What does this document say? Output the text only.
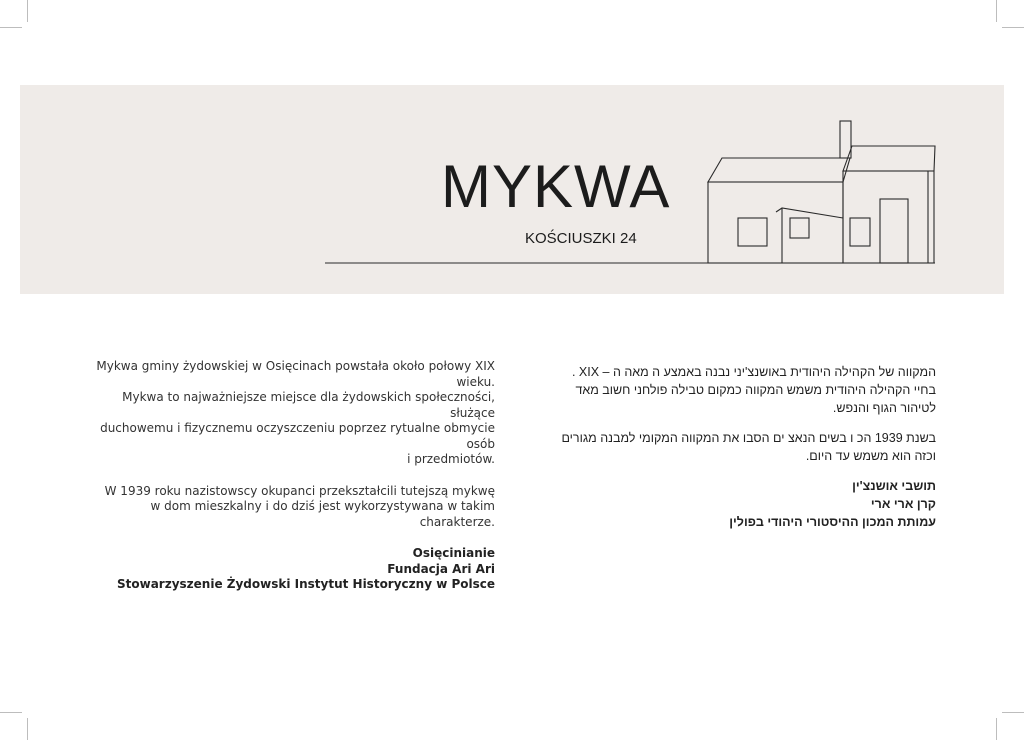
MYKWA
KOŚCIUSZKI 24

Mykwa gminy żydowskiej w Osięcinach powstała około połowy XIX wieku.
Mykwa to najważniejsze miejsce dla żydowskich społeczności, służące
duchowemu i fizycznemu oczyszczeniu poprzez rytualne obmycie osób
i przedmiotów.

W 1939 roku nazistowscy okupanci przekształcili tutejszą mykwę
w dom mieszkalny i do dziś jest wykorzystywana w takim charakterze.

Osięcinianie
Fundacja Ari Ari
Stowarzyszenie Żydowski Instytut Historyczny w Polsce

המקווה של הקהילה היהודית באושנצ'יני נבנה באמצע ה מאה ה – XIX .
בחיי הקהילה היהודית משמש המקווה כמקום טבילה פולחני חשוב מאד
לטיהור הגוף והנפש.

בשנת 1939 הכ ו בשים הנאצ ים הסבו את המקווה המקומי למבנה מגורים
וכזה הוא משמש עד היום.

תושבי אושנצ'ין
קרן ארי ארי
עמותת המכון ההיסטורי היהודי בפולין
